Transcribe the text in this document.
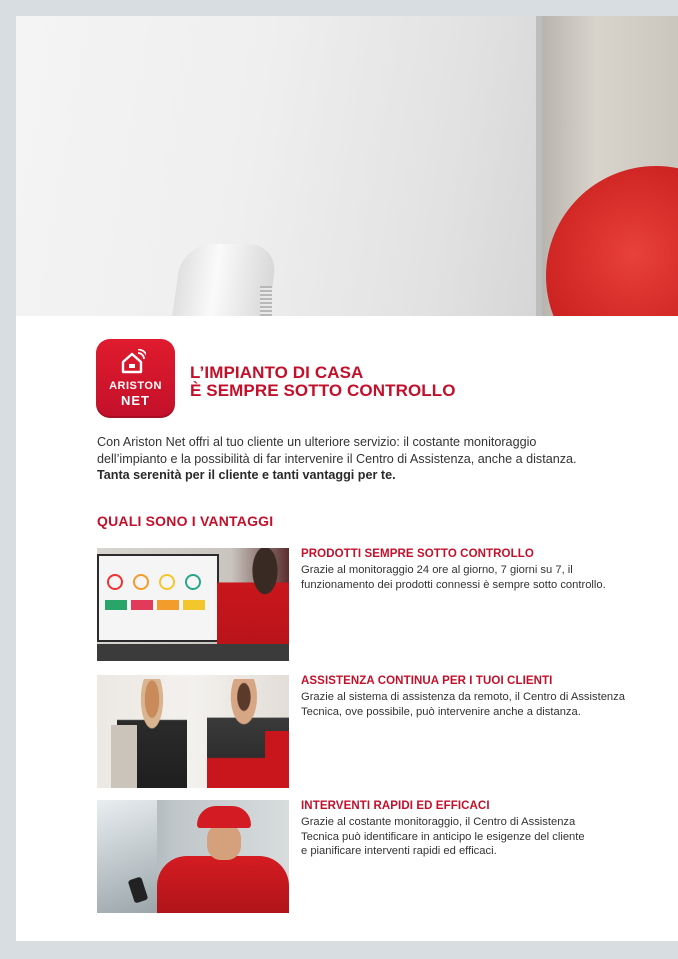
ARISTON
NET
L’IMPIANTO DI CASA
È SEMPRE SOTTO CONTROLLO
Con Ariston Net offri al tuo cliente un ulteriore servizio: il costante monitoraggio
dell’impianto e la possibilità di far intervenire il Centro di Assistenza, anche a distanza.
Tanta serenità per il cliente e tanti vantaggi per te.
QUALI SONO I VANTAGGI
PRODOTTI SEMPRE SOTTO CONTROLLO
Grazie al monitoraggio 24 ore al giorno, 7 giorni su 7, il
funzionamento dei prodotti connessi è sempre sotto controllo.
ASSISTENZA CONTINUA PER I TUOI CLIENTI
Grazie al sistema di assistenza da remoto, il Centro di Assistenza
Tecnica, ove possibile, può intervenire anche a distanza.
INTERVENTI RAPIDI ED EFFICACI
Grazie al costante monitoraggio, il Centro di Assistenza
Tecnica può identificare in anticipo le esigenze del cliente
e pianificare interventi rapidi ed efficaci.
